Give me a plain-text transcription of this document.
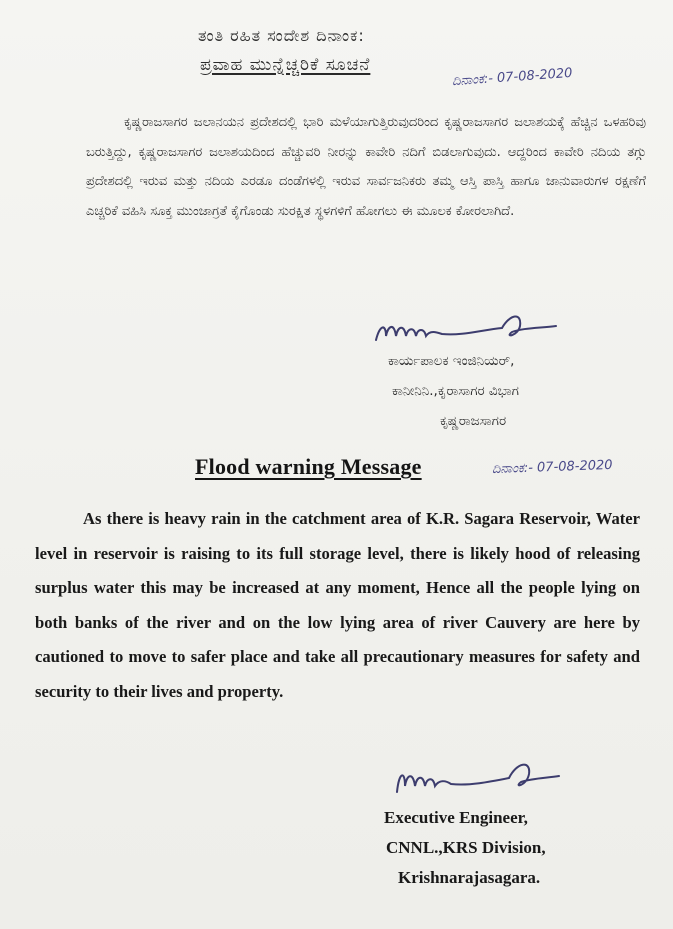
ತಂತಿ ರಹಿತ ಸಂದೇಶ ದಿನಾಂಕ:
ಪ್ರವಾಹ ಮುನ್ನೆಚ್ಚರಿಕೆ ಸೂಚನೆ
ದಿನಾಂಕ:- 07-08-2020

ಕೃಷ್ಣರಾಜಸಾಗರ ಜಲಾನಯನ ಪ್ರದೇಶದಲ್ಲಿ ಭಾರಿ ಮಳೆಯಾಗುತ್ತಿರುವುದರಿಂದ ಕೃಷ್ಣರಾಜಸಾಗರ ಜಲಾಶಯಕ್ಕೆ ಹೆಚ್ಚಿನ ಒಳಹರಿವು ಬರುತ್ತಿದ್ದು, ಕೃಷ್ಣರಾಜಸಾಗರ ಜಲಾಶಯದಿಂದ ಹೆಚ್ಚುವರಿ ನೀರನ್ನು ಕಾವೇರಿ ನದಿಗೆ ಬಿಡಲಾಗುವುದು. ಆದ್ದರಿಂದ ಕಾವೇರಿ ನದಿಯ ತಗ್ಗು ಪ್ರದೇಶದಲ್ಲಿ ಇರುವ ಮತ್ತು ನದಿಯ ಎರಡೂ ದಂಡೆಗಳಲ್ಲಿ ಇರುವ ಸಾರ್ವಜನಿಕರು ತಮ್ಮ ಆಸ್ತಿ ಪಾಸ್ತಿ ಹಾಗೂ ಜಾನುವಾರುಗಳ ರಕ್ಷಣೆಗೆ ಎಚ್ಚರಿಕೆ ವಹಿಸಿ ಸೂಕ್ತ ಮುಂಜಾಗ್ರತೆ ಕೈಗೊಂಡು ಸುರಕ್ಷಿತ ಸ್ಥಳಗಳಿಗೆ ಹೋಗಲು ಈ ಮೂಲಕ ಕೋರಲಾಗಿದೆ.

ಕಾರ್ಯಪಾಲಕ ಇಂಜಿನಿಯರ್,
ಕಾನೀನಿನಿ.,ಕೃರಾಸಾಗರ ವಿಭಾಗ
ಕೃಷ್ಣರಾಜಸಾಗರ
Flood warning Message	ದಿನಾಂಕ:- 07-08-2020

As there is heavy rain in the catchment area of K.R. Sagara Reservoir, Water level in reservoir is raising to its full storage level, there is likely hood of releasing surplus water this may be increased at any moment, Hence all the people lying on both banks of the river and on the low lying area of river Cauvery are here by cautioned to move to safer place and take all precautionary measures for safety and security to their lives and property.

Executive Engineer,
CNNL.,KRS Division,
Krishnarajasagara.
